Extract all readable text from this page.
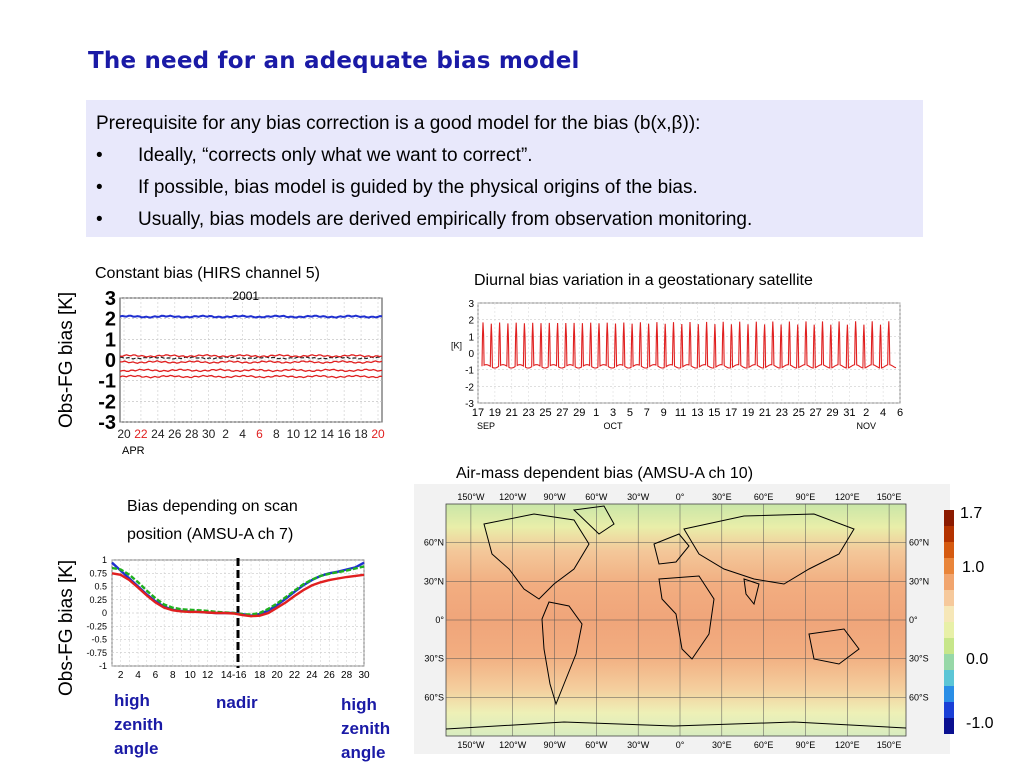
The need for an adequate bias model
Prerequisite for any bias correction is a good model for the bias (b(x,β)):
• Ideally, “corrects only what we want to correct”.
• If possible, bias model is guided by the physical origins of the bias.
• Usually, bias models are derived empirically from observation monitoring.
Constant bias (HIRS channel 5)	Diurnal bias variation in a geostationary satellite
Bias depending on scan
position (AMSU-A ch 7)
Air-mass dependent bias (AMSU-A ch 10)
Obs-FG bias [K]
Obs-FG bias [K]
3
2
1
0
-1
-2
-3 20 22 24 26 28 30 2 4 6 8 10 12 14 16 18 20
APR
2001
3
2
1
0
-1
-2
-3
[K]
17 19 21 23 25 27 29 1 3 5 7 9 11 13 15 17 19 21 23 25 27 29 31 2 4 6
SEP	OCT	NOV
1
0.75
0.5
0.25
0
-0.25
-0.5
-0.75
-1
2 4 6 8 10 12	18 20 22 24 26 28 30
14-16
high
zenith
angle
nadir	high
zenith
angle
150°W 120°W 90°W 60°W 30°W	0°	30°E 60°E 90°E 120°E 150°E
150°W 120°W 90°W 60°W 30°W	0°	30°E 60°E 90°E 120°E 150°E
60°N
30°N
0°
30°S
60°S
60°N
30°N
0°
30°S
60°S
1.7
1.0
0.0
-1.0
